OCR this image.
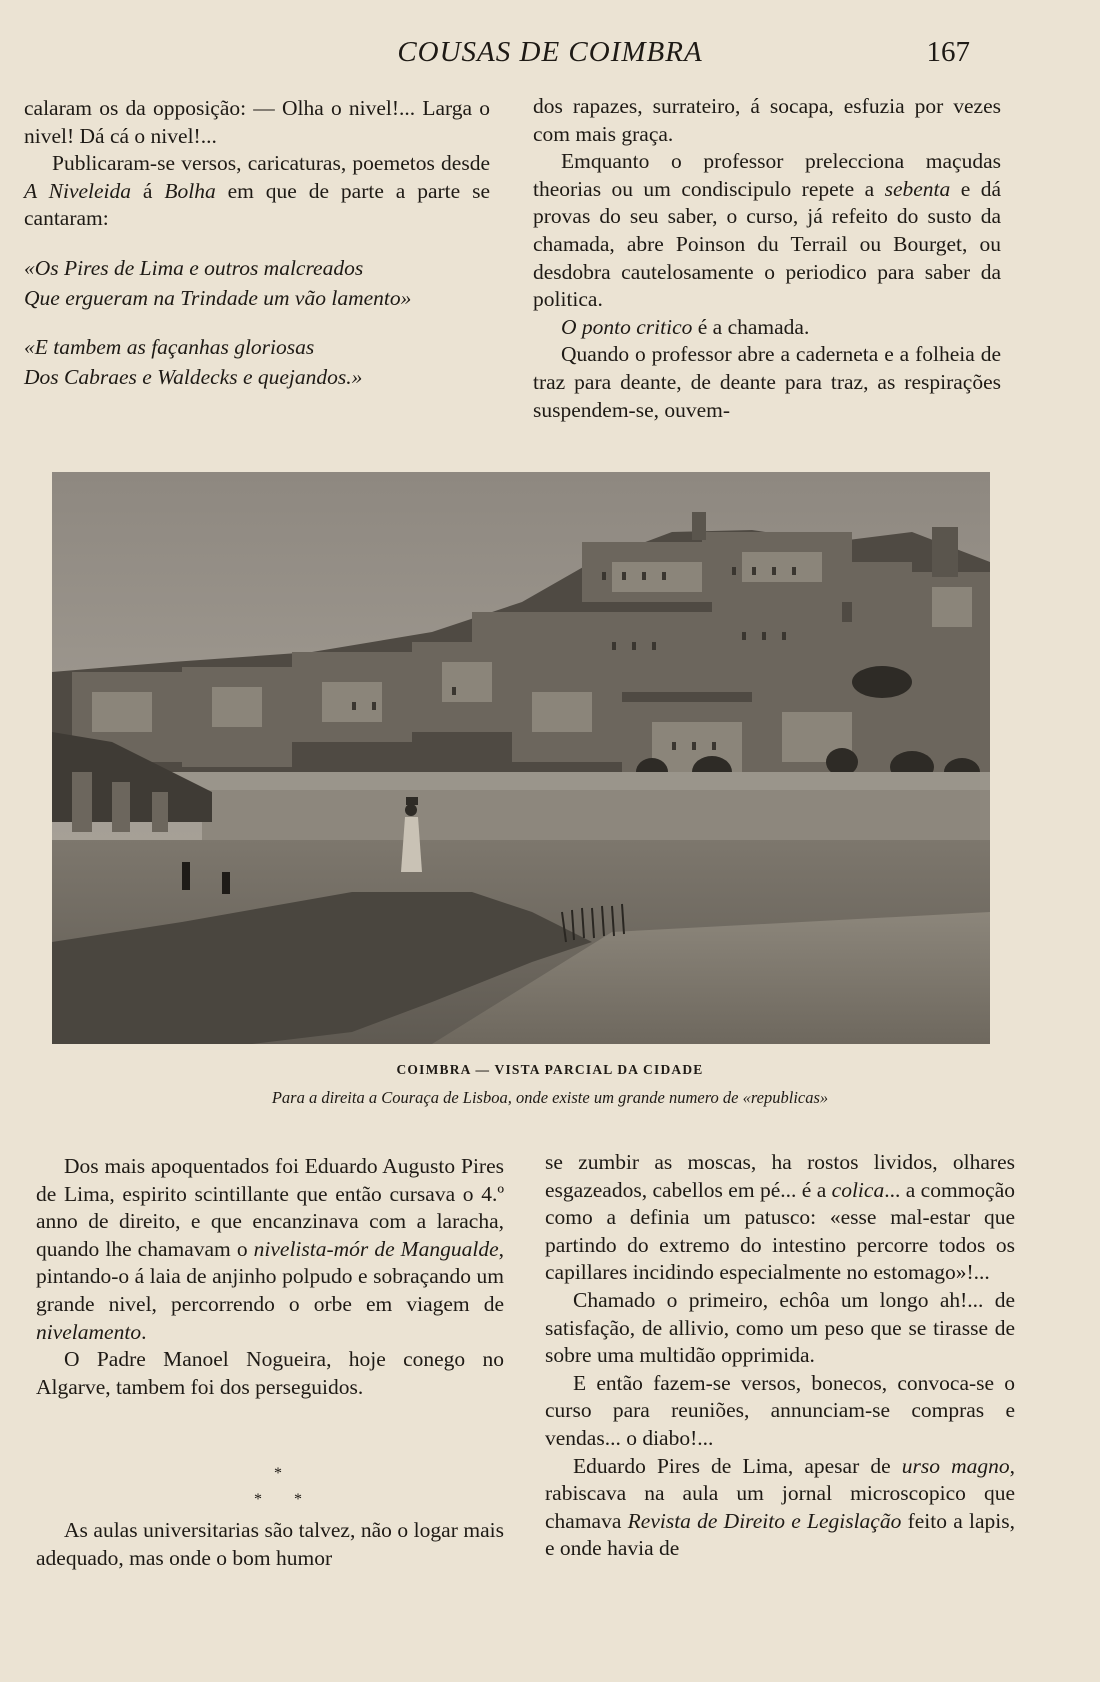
COUSAS DE COIMBRA	167

calaram os da opposição: — Olha o nivel!... Larga o nivel! Dá cá o nivel!...

Publicaram-se versos, caricaturas, poemetos desde A Niveleida á Bolha em que de parte a parte se cantaram:

«Os Pires de Lima e outros malcreados

Que ergueram na Trindade um vão lamento»

«E tambem as façanhas gloriosas

Dos Cabraes e Waldecks e quejandos.»

dos rapazes, surrateiro, á socapa, esfuzia por vezes com mais graça.

Emquanto o professor prelecciona maçudas theorias ou um condiscipulo repete a sebenta e dá provas do seu saber, o curso, já refeito do susto da chamada, abre Poinson du Terrail ou Bourget, ou desdobra cautelosamente o periodico para saber da politica.

O ponto critico é a chamada.

Quando o professor abre a caderneta e a folheia de traz para deante, de deante para traz, as respirações suspendem-se, ouvem-

COIMBRA — VISTA PARCIAL DA CIDADE
Para a direita a Couraça de Lisboa, onde existe um grande numero de «republicas»

Dos mais apoquentados foi Eduardo Augusto Pires de Lima, espirito scintillante que então cursava o 4.º anno de direito, e que encanzinava com a laracha, quando lhe chamavam o nivelista-mór de Mangualde, pintando-o á laia de anjinho polpudo e sobraçando um grande nivel, percorrendo o orbe em viagem de nivelamento.

O Padre Manoel Nogueira, hoje conego no Algarve, tambem foi dos perseguidos.

As aulas universitarias são talvez, não o logar mais adequado, mas onde o bom humor

*
* *

se zumbir as moscas, ha rostos lividos, olhares esgazeados, cabellos em pé... é a colica... a commoção como a definia um patusco: «esse mal-estar que partindo do extremo do intestino percorre todos os capillares incidindo especialmente no estomago»!...

Chamado o primeiro, echôa um longo ah!... de satisfação, de allivio, como um peso que se tirasse de sobre uma multidão opprimida.

E então fazem-se versos, bonecos, convoca-se o curso para reuniões, annunciam-se compras e vendas... o diabo!...

Eduardo Pires de Lima, apesar de urso magno, rabiscava na aula um jornal microscopico que chamava Revista de Direito e Legislação feito a lapis, e onde havia de
